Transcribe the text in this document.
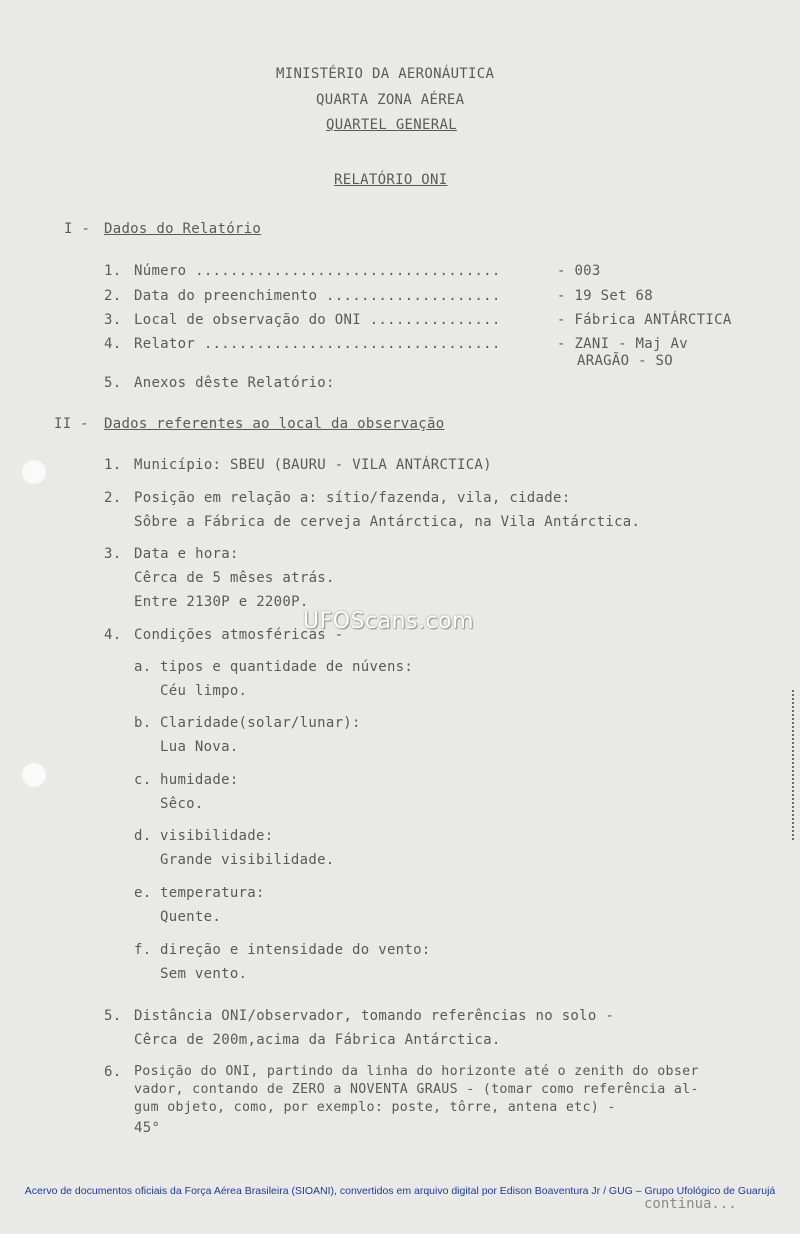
MINISTÉRIO DA AERONÁUTICA
QUARTA ZONA AÉREA
QUARTEL GENERAL
RELATÓRIO ONI
I - Dados do Relatório
1. Número ...................................	- 003
2. Data do preenchimento ....................	- 19 Set 68
3. Local de observação do ONI ...............	- Fábrica ANTÁRCTICA
4. Relator ..................................	- ZANI - Maj Av
ARAGÃO - SO
5. Anexos dêste Relatório:
II - Dados referentes ao local da observação
1. Município: SBEU (BAURU - VILA ANTÁRCTICA)
2. Posição em relação a: sítio/fazenda, vila, cidade:
Sôbre a Fábrica de cerveja Antárctica, na Vila Antárctica.
3. Data e hora:
Cêrca de 5 mêses atrás.
Entre 2130P e 2200P.
4. Condições atmosféricas -
a. tipos e quantidade de núvens:
Céu limpo.
b. Claridade(solar/lunar):
Lua Nova.
c. humidade:
Sêco.
d. visibilidade:
Grande visibilidade.
e. temperatura:
Quente.
f. direção e intensidade do vento:
Sem vento.
5. Distância ONI/observador, tomando referências no solo -
Cêrca de 200m,acima da Fábrica Antárctica.
6. Posição do ONI, partindo da linha do horizonte até o zenith do obser
vador, contando de ZERO a NOVENTA GRAUS - (tomar como referência al-
gum objeto, como, por exemplo: poste, tôrre, antena etc) -
45°
continua...
UFOScans.com
Acervo de documentos oficiais da Força Aérea Brasileira (SIOANI), convertidos em arquivo digital por Edison Boaventura Jr / GUG – Grupo Ufológico de Guarujá
